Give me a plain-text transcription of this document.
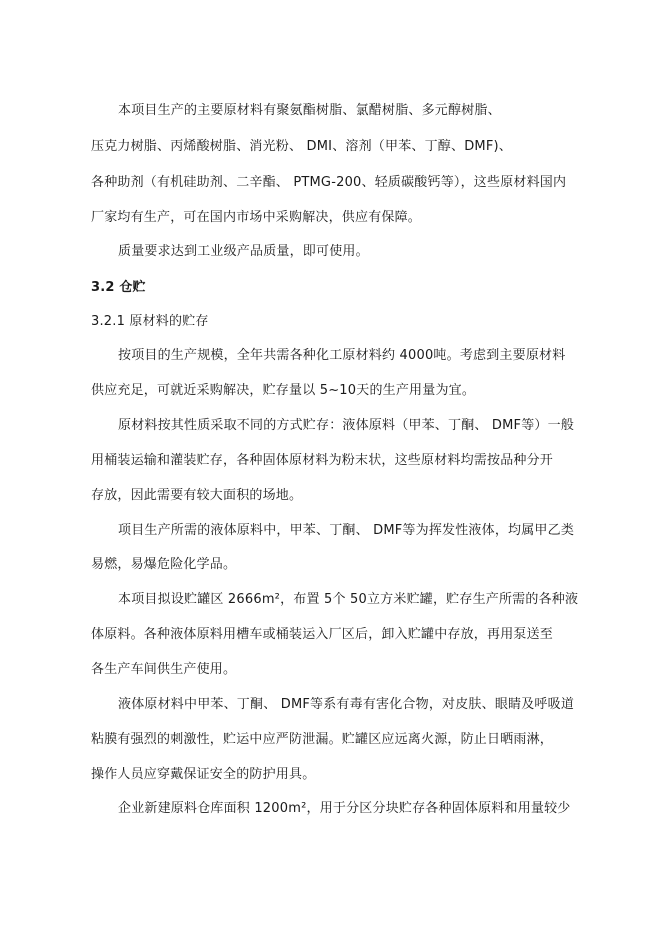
本项目生产的主要原材料有聚氨酯树脂、氯醋树脂、多元醇树脂、
压克力树脂、丙烯酸树脂、消光粉、 DMI、溶剂（甲苯、丁醇、DMF)、
各种助剂（有机硅助剂、二辛酯、 PTMG-200、轻质碳酸钙等），这些原材料国内
厂家均有生产，可在国内市场中采购解决，供应有保障。
质量要求达到工业级产品质量，即可使用。
3.2 仓贮
3.2.1 原材料的贮存
按项目的生产规模，全年共需各种化工原材料约 4000吨。考虑到主要原材料
供应充足，可就近采购解决，贮存量以 5~10天的生产用量为宜。
原材料按其性质采取不同的方式贮存：液体原料（甲苯、丁酮、 DMF等）一般
用桶装运输和灌装贮存，各种固体原材料为粉末状，这些原材料均需按品种分开
存放，因此需要有较大面积的场地。
项目生产所需的液体原料中，甲苯、丁酮、 DMF等为挥发性液体，均属甲乙类
易燃，易爆危险化学品。
本项目拟设贮罐区 2666m²，布置 5个 50立方米贮罐，贮存生产所需的各种液
体原料。各种液体原料用槽车或桶装运入厂区后，卸入贮罐中存放，再用泵送至
各生产车间供生产使用。
液体原材料中甲苯、丁酮、 DMF等系有毒有害化合物，对皮肤、眼睛及呼吸道
粘膜有强烈的刺激性，贮运中应严防泄漏。贮罐区应远离火源，防止日晒雨淋，
操作人员应穿戴保证安全的防护用具。
企业新建原料仓库面积 1200m²，用于分区分块贮存各种固体原料和用量较少
